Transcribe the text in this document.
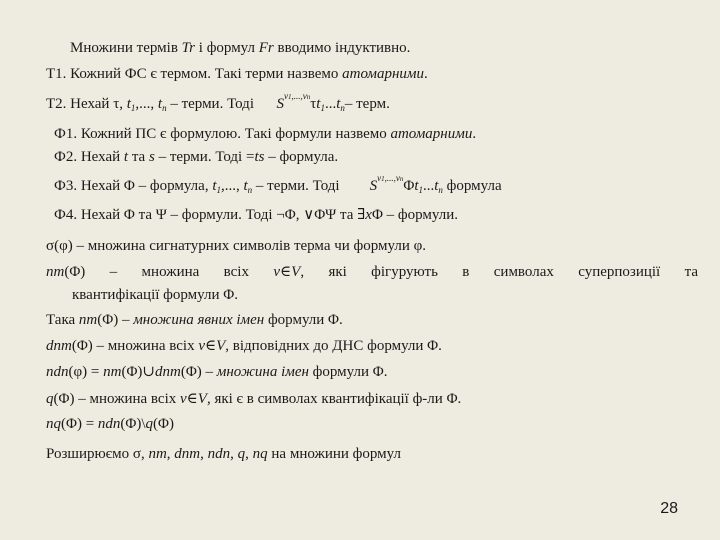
Множини термів Tr і формул Fr вводимо індуктивно.
Т1. Кожний ФС є термом. Такі терми назвемо атомарними.
Т2. Нехай τ, $t_1$,..., $t_n$ – терми. Тоді      $S^{v1,...,vn}\tau t_1...t_n-$ терм.
Ф1. Кожний ПС є формулою. Такі формули назвемо атомарними.
Ф2. Нехай t та s – терми. Тоді =ts – формула.
Ф3. Нехай Φ – формула, $t_1$,..., $t_n$ – терми. Тоді        $S^{v1,...,vn}\Phi t_1...t_n$ формула
Ф4. Нехай Φ та Ψ – формули. Тоді ¬Φ, ∨ΦΨ та ∃xΦ – формули.
σ(φ) – множина сигнатурних символів терма чи формули φ.
nm(Φ) – множина всіх v∈V, які фігурують в символах суперпозиції та
квантифікації формули Φ.
Така nm(Φ) – множина явних імен формули Φ.
dnm(Φ) – множина всіх v∈V, відповідних до ДНС формули Φ.
ndn(φ) = nm(Φ)∪dnm(Φ) – множина імен формули Φ.
q(Φ) – множина всіх v∈V, які є в символах квантифікації ф-ли Φ.
nq(Φ) = ndn(Φ)\q(Φ)
Розширюємо σ, nm, dnm, ndn, q, nq на множини формул
28
